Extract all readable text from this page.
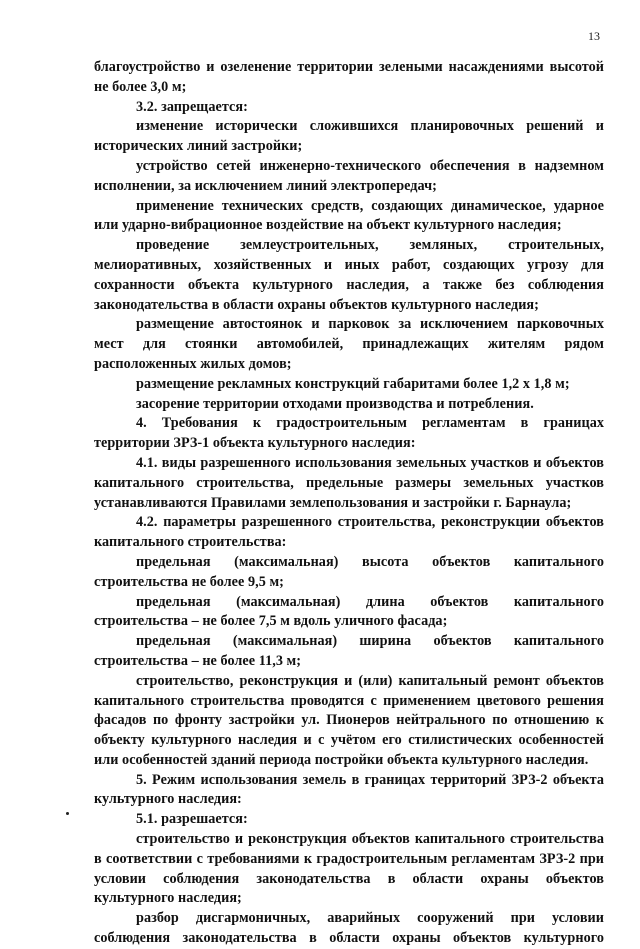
13

благоустройство и озеленение территории зелеными насаждениями высотой не более 3,0 м;

3.2. запрещается:

изменение исторически сложившихся планировочных решений и исторических линий застройки;

устройство сетей инженерно-технического обеспечения в надземном исполнении, за исключением линий электропередач;

применение технических средств, создающих динамическое, ударное или ударно-вибрационное воздействие на объект культурного наследия;

проведение землеустроительных, земляных, строительных, мелиоративных, хозяйственных и иных работ, создающих угрозу для сохранности объекта культурного наследия, а также без соблюдения законодательства в области охраны объектов культурного наследия;

размещение автостоянок и парковок за исключением парковочных мест для стоянки автомобилей, принадлежащих жителям рядом расположенных жилых домов;

размещение рекламных конструкций габаритами более 1,2 х 1,8 м;

засорение территории отходами производства и потребления.

4. Требования к градостроительным регламентам в границах территории ЗРЗ-1 объекта культурного наследия:

4.1. виды разрешенного использования земельных участков и объектов капитального строительства, предельные размеры земельных участков устанавливаются Правилами землепользования и застройки г. Барнаула;

4.2. параметры разрешенного строительства, реконструкции объектов капитального строительства:

предельная (максимальная) высота объектов капитального строительства не более 9,5 м;

предельная (максимальная) длина объектов капитального строительства – не более 7,5 м вдоль уличного фасада;

предельная (максимальная) ширина объектов капитального строительства – не более 11,3 м;

строительство, реконструкция и (или) капитальный ремонт объектов капитального строительства проводятся с применением цветового решения фасадов по фронту застройки ул. Пионеров нейтрального по отношению к объекту культурного наследия и с учётом его стилистических особенностей или особенностей зданий периода постройки объекта культурного наследия.

5. Режим использования земель в границах территорий ЗРЗ-2 объекта культурного наследия:

5.1. разрешается:

строительство и реконструкция объектов капитального строительства в соответствии с требованиями к градостроительным регламентам ЗРЗ-2 при условии соблюдения законодательства в области охраны объектов культурного наследия;

разбор дисгармоничных, аварийных сооружений при условии соблюдения законодательства в области охраны объектов культурного
